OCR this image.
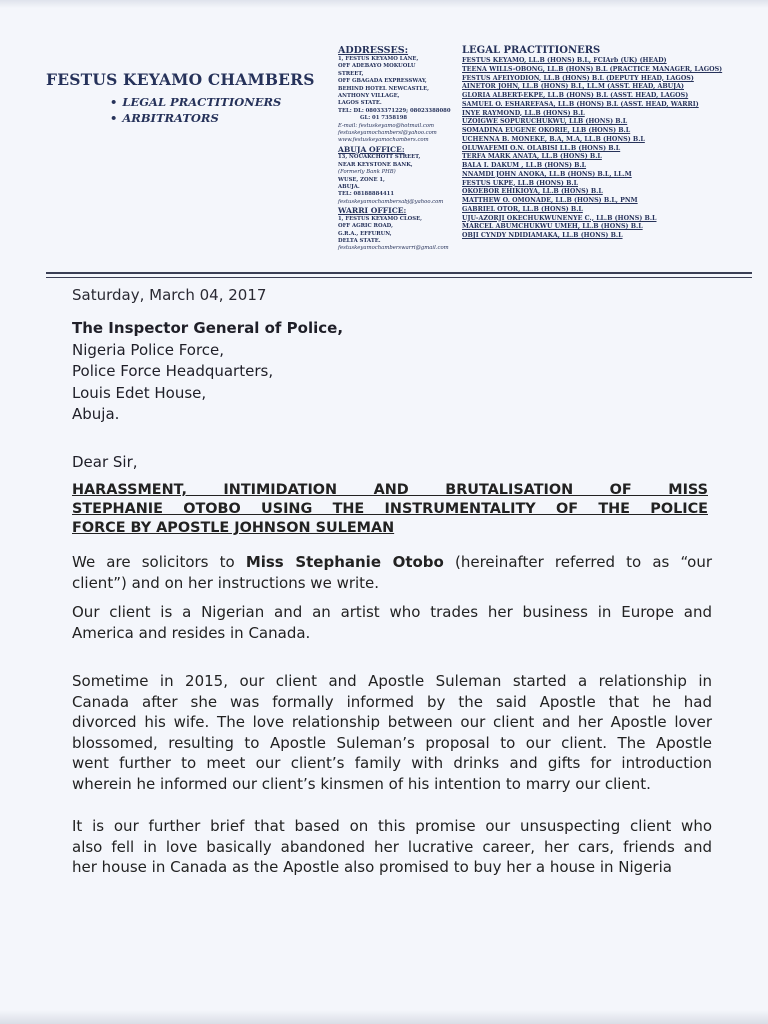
FESTUS KEYAMO CHAMBERS
• LEGAL PRACTITIONERS
• ARBITRATORS
ADDRESSES:
1, FESTUS KEYAMO LANE,
OFF ADEBAYO MOKUOLU
STREET,
OFF GBAGADA EXPRESSWAY,
BEHIND HOTEL NEWCASTLE,
ANTHONY VILLAGE,
LAGOS STATE.
TEL: DL: 08033371229; 08023388080
GL: 01 7358198
E-mail: festuskeyamo@hotmail.com
festuskeyamochambersl@yahoo.com
www.festuskeyamochambers.com
ABUJA OFFICE:
13, NOUAKCHOTT STREET,
NEAR KEYSTONE BANK,
(Formerly Bank PHB)
WUSE, ZONE 1,
ABUJA.
TEL: 08188884411
festuskeyamochambersabj@yahoo.com
WARRI OFFICE:
1, FESTUS KEYAMO CLOSE,
OFF AGRIC ROAD,
G.R.A., EFFURUN,
DELTA STATE.
festuskeyamochamberswarri@gmail.com
LEGAL PRACTITIONERS
FESTUS KEYAMO, LL.B (HONS) B.L, FCIArb (UK) (HEAD)
TEENA WILLS-OBONG, LL.B (HONS) B.L (PRACTICE MANAGER, LAGOS)
FESTUS AFEIYODION, LL.B (HONS) B.L (DEPUTY HEAD, LAGOS)
AINETOR JOHN, LL.B (HONS) B.L, LL.M (ASST. HEAD, ABUJA)
GLORIA ALBERT-EKPE, LL.B (HONS) B.L (ASST. HEAD, LAGOS)
SAMUEL O. ESHAREFASA, LL.B (HONS) B.L (ASST. HEAD, WARRI)
INYE RAYMOND, LL.B (HONS) B.L
UZOIGWE SOPURUCHUKWU, LLB (HONS) B.L
SOMADINA EUGENE OKORIE, LLB (HONS) B.L
UCHENNA B. MONEKE, B.A, M.A, LL.B (HONS) B.L
OLUWAFEMI O.N. OLABISI LL.B (HONS) B.L
TERFA MARK ANATA, LL.B (HONS) B.L
BALA I. DAKUM , LL.B (HONS) B.L
NNAMDI JOHN ANOKA, LL.B (HONS) B.L, LL.M
FESTUS UKPE, LL.B (HONS) B.L
OKOEBOR EHIKIOYA, LL.B (HONS) B.L
MATTHEW O. OMONADE, LL.B (HONS) B.L, PNM
GABRIEL OTOR, LL.B (HONS) B.L
UJU-AZORJI OKECHUKWUNENYE C., LL.B (HONS) B.L
MARCEL ABUMCHUKWU UMEH, LL.B (HONS) B.L
OBJI CYNDY NDIDIAMAKA, LL.B (HONS) B.L
Saturday, March 04, 2017
The Inspector General of Police,
Nigeria Police Force,
Police Force Headquarters,
Louis Edet House,
Abuja.
Dear Sir,
HARASSMENT, INTIMIDATION AND BRUTALISATION OF MISS
STEPHANIE OTOBO USING THE INSTRUMENTALITY OF THE POLICE
FORCE BY APOSTLE JOHNSON SULEMAN
We are solicitors to Miss Stephanie Otobo (hereinafter referred to as “our
client”) and on her instructions we write.
Our client is a Nigerian and an artist who trades her business in Europe and
America and resides in Canada.
Sometime in 2015, our client and Apostle Suleman started a relationship in
Canada after she was formally informed by the said Apostle that he had
divorced his wife. The love relationship between our client and her Apostle lover
blossomed, resulting to Apostle Suleman’s proposal to our client. The Apostle
went further to meet our client’s family with drinks and gifts for introduction
wherein he informed our client’s kinsmen of his intention to marry our client.
It is our further brief that based on this promise our unsuspecting client who
also fell in love basically abandoned her lucrative career, her cars, friends and
her house in Canada as the Apostle also promised to buy her a house in Nigeria
